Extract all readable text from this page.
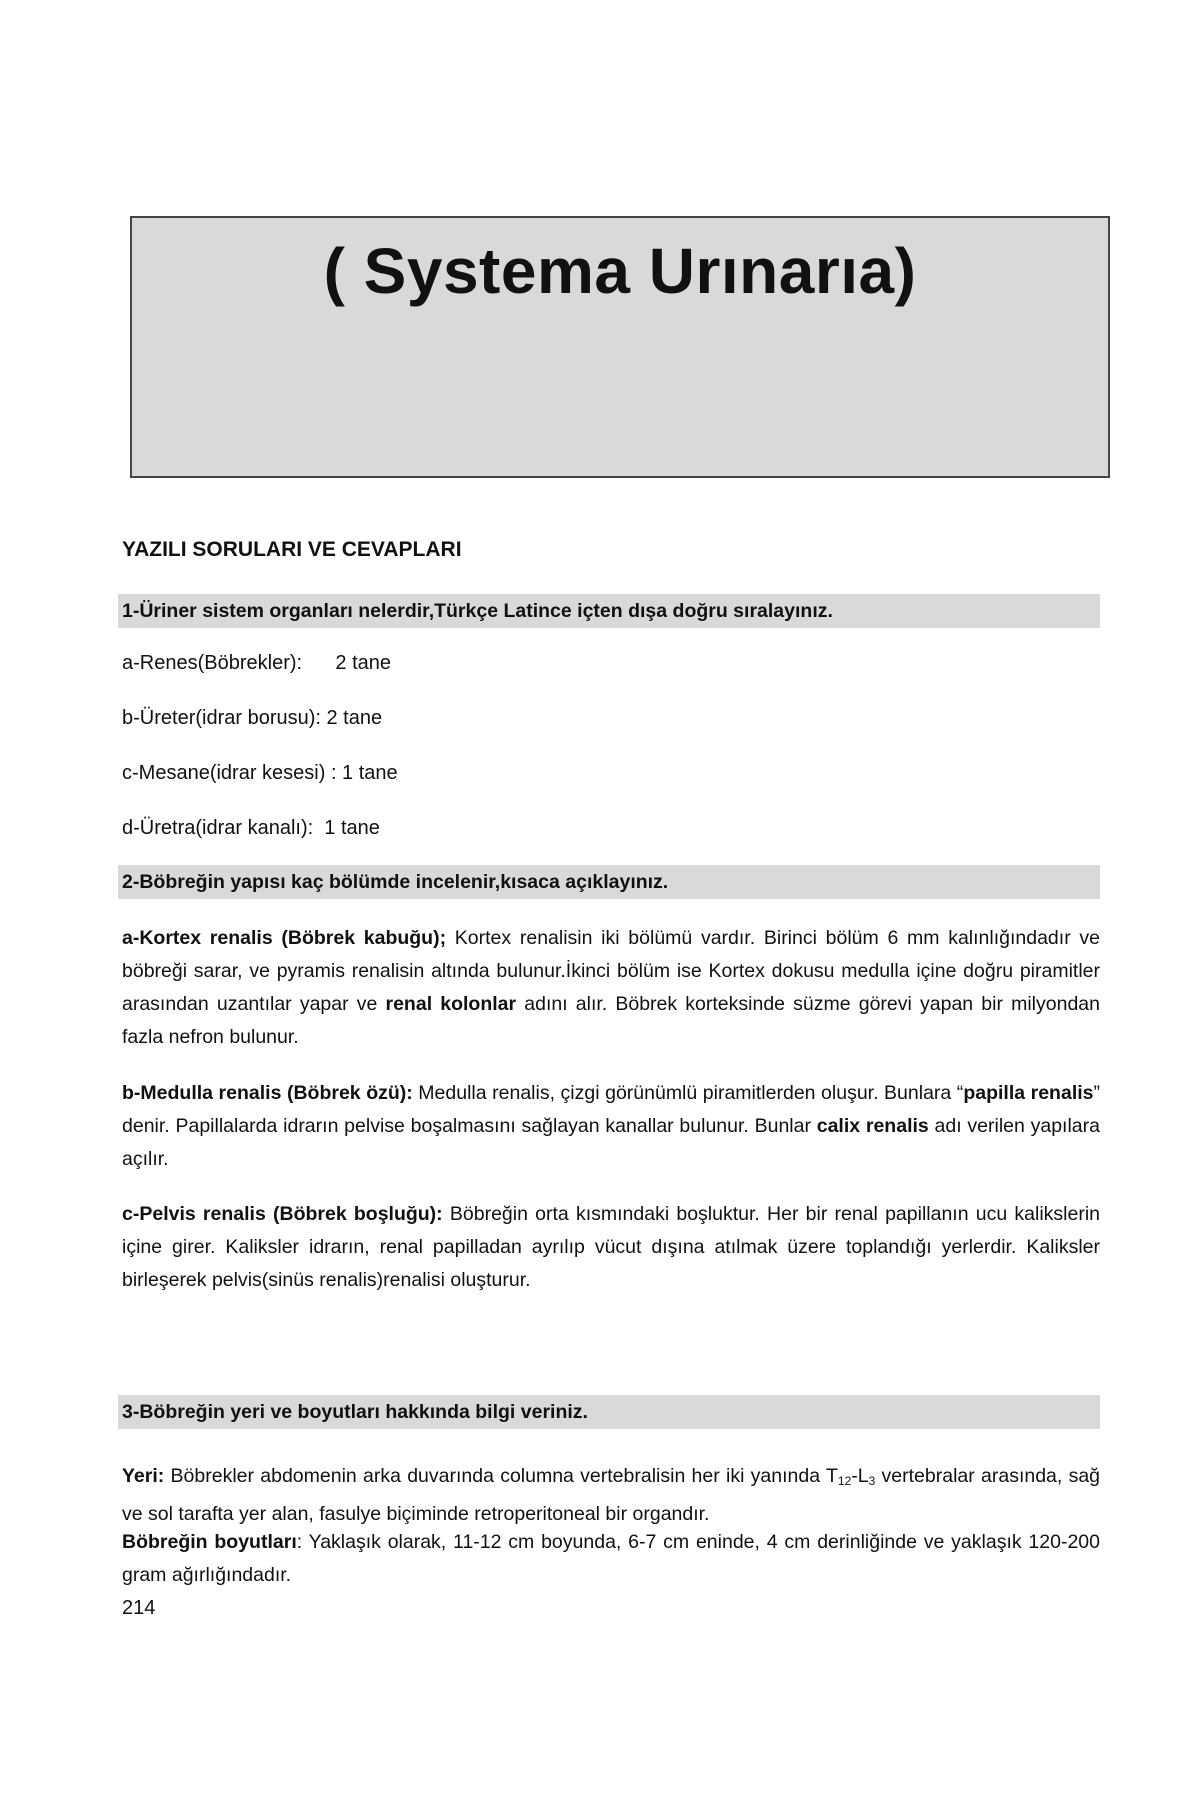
( Systema Urınarıa)
YAZILI SORULARI VE CEVAPLARI
1-Üriner sistem organları nelerdir,Türkçe Latince içten dışa doğru sıralayınız.
a-Renes(Böbrekler):      2 tane
b-Üreter(idrar borusu): 2 tane
c-Mesane(idrar kesesi) : 1 tane
d-Üretra(idrar kanalı):  1 tane
2-Böbreğin yapısı kaç bölümde incelenir,kısaca açıklayınız.

a-Kortex renalis (Böbrek kabuğu); Kortex renalisin iki bölümü vardır. Birinci bölüm 6 mm kalınlığındadır ve böbreği sarar, ve pyramis renalisin altında bulunur.İkinci bölüm ise Kortex dokusu medulla içine doğru piramitler arasından uzantılar yapar ve renal kolonlar adını alır. Böbrek korteksinde süzme görevi yapan bir milyondan fazla nefron bulunur.

b-Medulla renalis (Böbrek özü): Medulla renalis, çizgi görünümlü piramitlerden oluşur. Bunlara “papilla renalis” denir. Papillalarda idrarın pelvise boşalmasını sağlayan kanallar bulunur. Bunlar calix renalis adı verilen yapılara açılır.

c-Pelvis renalis (Böbrek boşluğu): Böbreğin orta kısmındaki boşluktur. Her bir renal papillanın ucu kalikslerin içine girer. Kaliksler idrarın, renal papilladan ayrılıp vücut dışına atılmak üzere toplandığı yerlerdir. Kaliksler birleşerek pelvis(sinüs renalis)renalisi oluşturur.

3-Böbreğin yeri ve boyutları hakkında bilgi veriniz.

Yeri: Böbrekler abdomenin arka duvarında columna vertebralisin her iki yanında $T_{12}-L_3$ vertebralar arasında, sağ ve sol tarafta yer alan, fasulye biçiminde retroperitoneal bir organdır.

Böbreğin boyutları: Yaklaşık olarak, 11-12 cm boyunda, 6-7 cm eninde, 4 cm derinliğinde ve yaklaşık 120-200 gram ağırlığındadır.

214
